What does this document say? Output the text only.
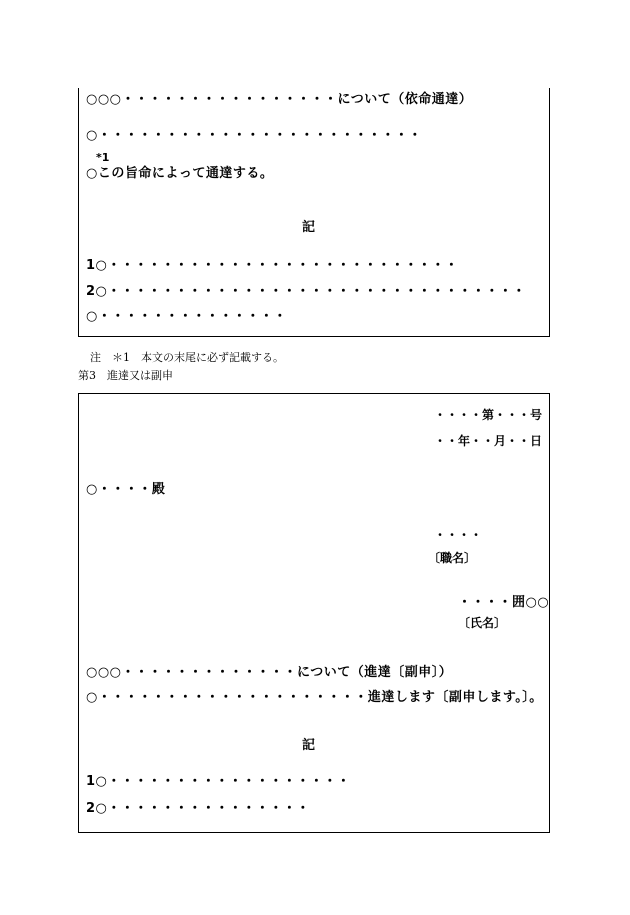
○○○・・・・・・・・・・・・・・・・について（依命通達）
○・・・・・・・・・・・・・・・・・・・・・・・・
*1
○この旨命によって通達する。
記
1○・・・・・・・・・・・・・・・・・・・・・・・・・・
2○・・・・・・・・・・・・・・・・・・・・・・・・・・・・・・・
○・・・・・・・・・・・・・・
注　＊1　本文の末尾に必ず記載する。
第3　進達又は副申
・・・・第・・・号
・・年・・月・・日
○・・・・殿
・・・・
〔職名〕
・・・・囲○○
〔氏名〕
○○○・・・・・・・・・・・・・について（進達〔副申〕）
○・・・・・・・・・・・・・・・・・・・・進達します〔副申します。〕。
記
1○・・・・・・・・・・・・・・・・・・
2○・・・・・・・・・・・・・・・
